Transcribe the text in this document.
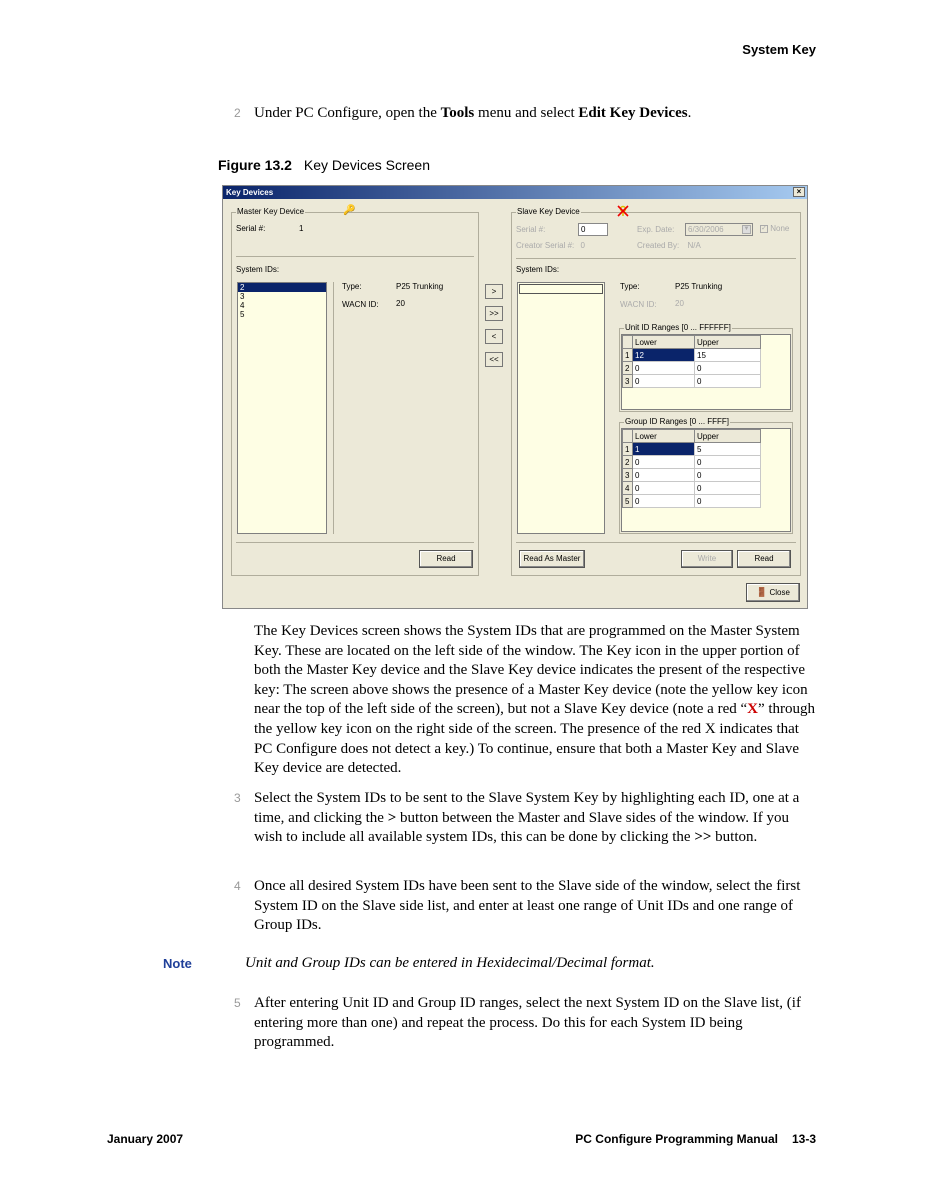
System Key
2 Under PC Configure, open the Tools menu and select Edit Key Devices.
Figure 13.2 Key Devices Screen
Key Devices	×
Master Key Device	🔑
Serial #:	1
System IDs:
2
3
4
5
Type:	P25 Trunking
WACN ID: 20
Read
>
>>
<
<<
Slave Key Device
Serial #:	0	Exp. Date:	6/30/2006	▼ ✓ None
Creator Serial #: 0	Created By: N/A
System IDs:
Type:	P25 Trunking
WACN ID: 20
Unit ID Ranges [0 ... FFFFFF]
	Lower	Upper
1	12	15
2	0	0
3	0	0
Group ID Ranges [0 ... FFFF]
	Lower	Upper
1	1	5
2	0	0
3	0	0
4	0	0
5	0	0
Read As Master	Write	Read
🚪 Close
The Key Devices screen shows the System IDs that are programmed on the Master System Key. These are located on the left side of the window. The Key icon in the upper portion of both the Master Key device and the Slave Key device indicates the present of the respective key: The screen above shows the presence of a Master Key device (note the yellow key icon near the top of the left side of the screen), but not a Slave Key device (note a red “X” through the yellow key icon on the right side of the screen. The presence of the red X indicates that PC Configure does not detect a key.) To continue, ensure that both a Master Key and Slave Key device are detected.
3 Select the System IDs to be sent to the Slave System Key by highlighting each ID, one at a time, and clicking the > button between the Master and Slave sides of the window. If you wish to include all available system IDs, this can be done by clicking the >> button.
4 Once all desired System IDs have been sent to the Slave side of the window, select the first System ID on the Slave side list, and enter at least one range of Unit IDs and one range of Group IDs.
Note	Unit and Group IDs can be entered in Hexidecimal/Decimal format.
5 After entering Unit ID and Group ID ranges, select the next System ID on the Slave list, (if entering more than one) and repeat the process. Do this for each System ID being programmed.
January 2007	PC Configure Programming Manual 13-3
